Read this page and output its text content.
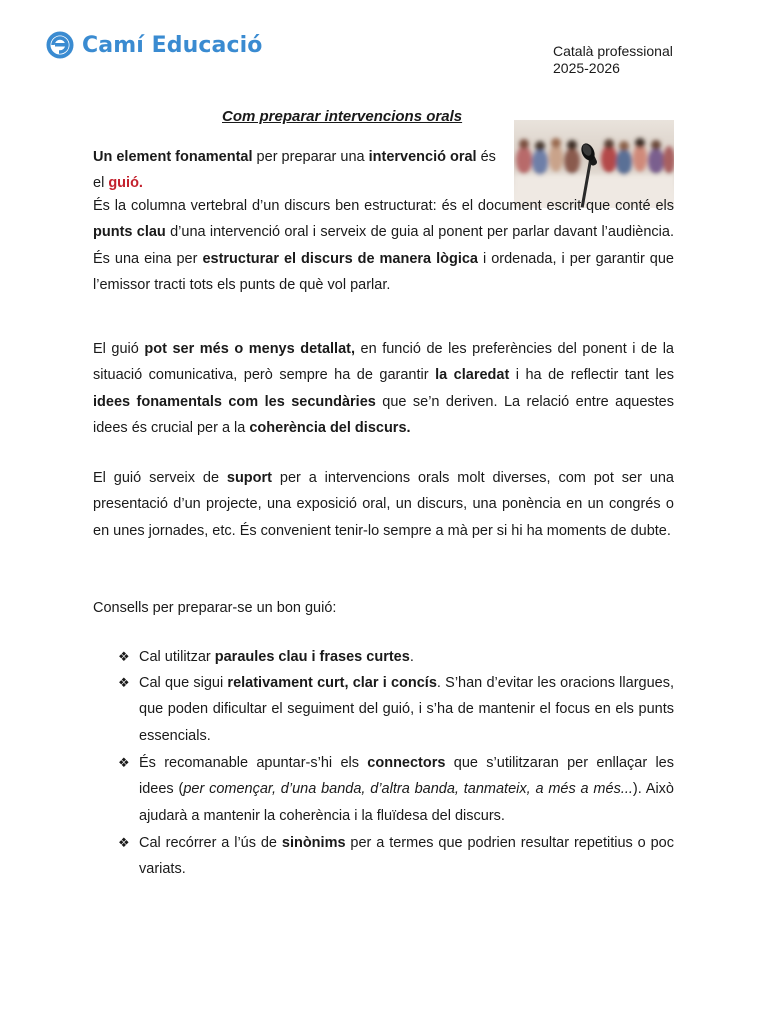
Camí Educació	Català professional
2025-2026
Com preparar intervencions orals
Un element fonamental per preparar una intervenció oral és el guió.
És la columna vertebral d’un discurs ben estructurat: és el document escrit que conté els punts clau d’una intervenció oral i serveix de guia al ponent per parlar davant l’audiència. És una eina per estructurar el discurs de manera lògica i ordenada, i per garantir que l’emissor tracti tots els punts de què vol parlar.
El guió pot ser més o menys detallat, en funció de les preferències del ponent i de la situació comunicativa, però sempre ha de garantir la claredat i ha de reflectir tant les idees fonamentals com les secundàries que se’n deriven. La relació entre aquestes idees és crucial per a la coherència del discurs.
El guió serveix de suport per a intervencions orals molt diverses, com pot ser una presentació d’un projecte, una exposició oral, un discurs, una ponència en un congrés o en unes jornades, etc. És convenient tenir-lo sempre a mà per si hi ha moments de dubte.
Consells per preparar-se un bon guió:
❖ Cal utilitzar paraules clau i frases curtes.
❖ Cal que sigui relativament curt, clar i concís. S’han d’evitar les oracions llargues, que poden dificultar el seguiment del guió, i s’ha de mantenir el focus en els punts essencials.
❖ És recomanable apuntar-s’hi els connectors que s’utilitzaran per enllaçar les idees (per començar, d’una banda, d’altra banda, tanmateix, a més a més...). Això ajudarà a mantenir la coherència i la fluïdesa del discurs.
❖ Cal recórrer a l’ús de sinònims per a termes que podrien resultar repetitius o poc variats.
